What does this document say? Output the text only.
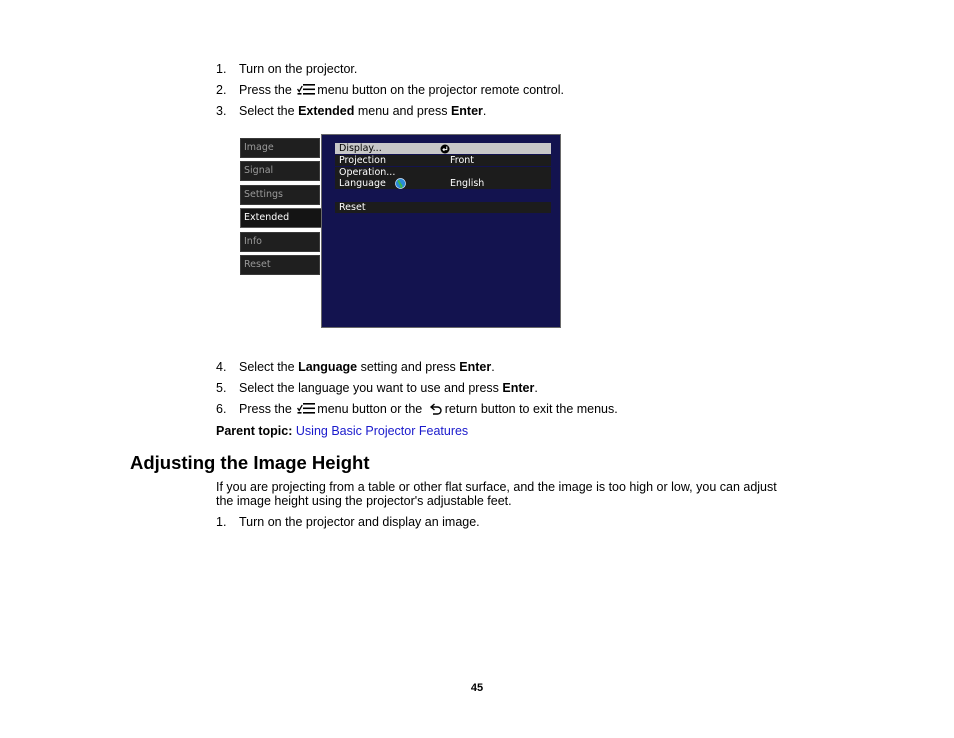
1. Turn on the projector.
2. Press the menu button on the projector remote control.
3. Select the Extended menu and press Enter.
Image
Signal
Settings
Extended
Info
Reset
Display...
Projection	Front
Operation...
Language	English
Reset
4. Select the Language setting and press Enter.
5. Select the language you want to use and press Enter.
6. Press the menu button or the return button to exit the menus.
Parent topic: Using Basic Projector Features
Adjusting the Image Height
If you are projecting from a table or other flat surface, and the image is too high or low, you can adjust
the image height using the projector's adjustable feet.
1. Turn on the projector and display an image.
45
